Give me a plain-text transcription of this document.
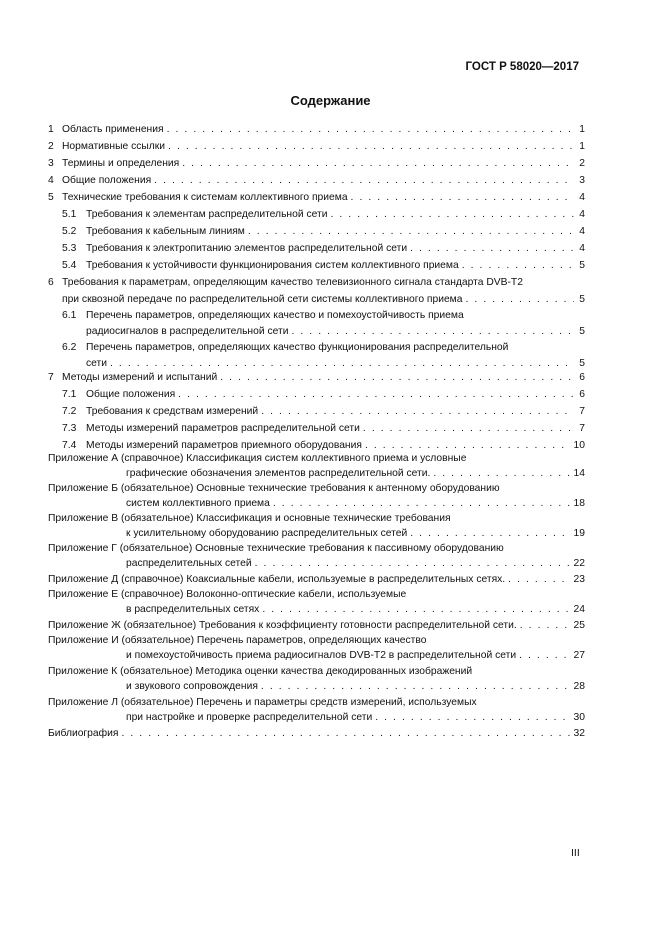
ГОСТ Р 58020—2017
Содержание
1 Область применения . . .	1
2 Нормативные ссылки . . .	1
3 Термины и определения . . .	2
4 Общие положения . . .	3
5 Технические требования к системам коллективного приема . . .	4
5.1 Требования к элементам распределительной сети . . .	4
5.2 Требования к кабельным линиям . . .	4
5.3 Требования к электропитанию элементов распределительной сети . . .	4
5.4 Требования к устойчивости функционирования систем коллективного приема . . .	5
6 Требования к параметрам, определяющим качество телевизионного сигнала стандарта DVB-T2
при сквозной передаче по распределительной сети системы коллективного приема . . .	5
6.1 Перечень параметров, определяющих качество и помехоустойчивость приема
радиосигналов в распределительной сети . . .	5
6.2 Перечень параметров, определяющих качество функционирования распределительной
сети . . .	5
7 Методы измерений и испытаний . . .	6
7.1 Общие положения . . .	6
7.2 Требования к средствам измерений . . .	7
7.3 Методы измерений параметров распределительной сети . . .	7
7.4 Методы измерений параметров приемного оборудования . . .	10
Приложение А (справочное) Классификация систем коллективного приема и условные
графические обозначения элементов распределительной сети. . . .	14
Приложение Б (обязательное) Основные технические требования к антенному оборудованию
систем коллективного приема . . .	18
Приложение В (обязательное) Классификация и основные технические требования
к усилительному оборудованию распределительных сетей . . .	19
Приложение Г (обязательное) Основные технические требования к пассивному оборудованию
распределительных сетей . . .	22
Приложение Д (справочное) Коаксиальные кабели, используемые в распределительных сетях. . . .	23
Приложение Е (справочное) Волоконно-оптические кабели, используемые
в распределительных сетях . . .	24
Приложение Ж (обязательное) Требования к коэффициенту готовности распределительной сети. . . .	25
Приложение И (обязательное) Перечень параметров, определяющих качество
и помехоустойчивость приема радиосигналов DVB-T2 в распределительной сети . . .	27
Приложение К (обязательное) Методика оценки качества декодированных изображений
и звукового сопровождения . . .	28
Приложение Л (обязательное) Перечень и параметры средств измерений, используемых
при настройке и проверке распределительной сети . . .	30
Библиография . . .	32
III
